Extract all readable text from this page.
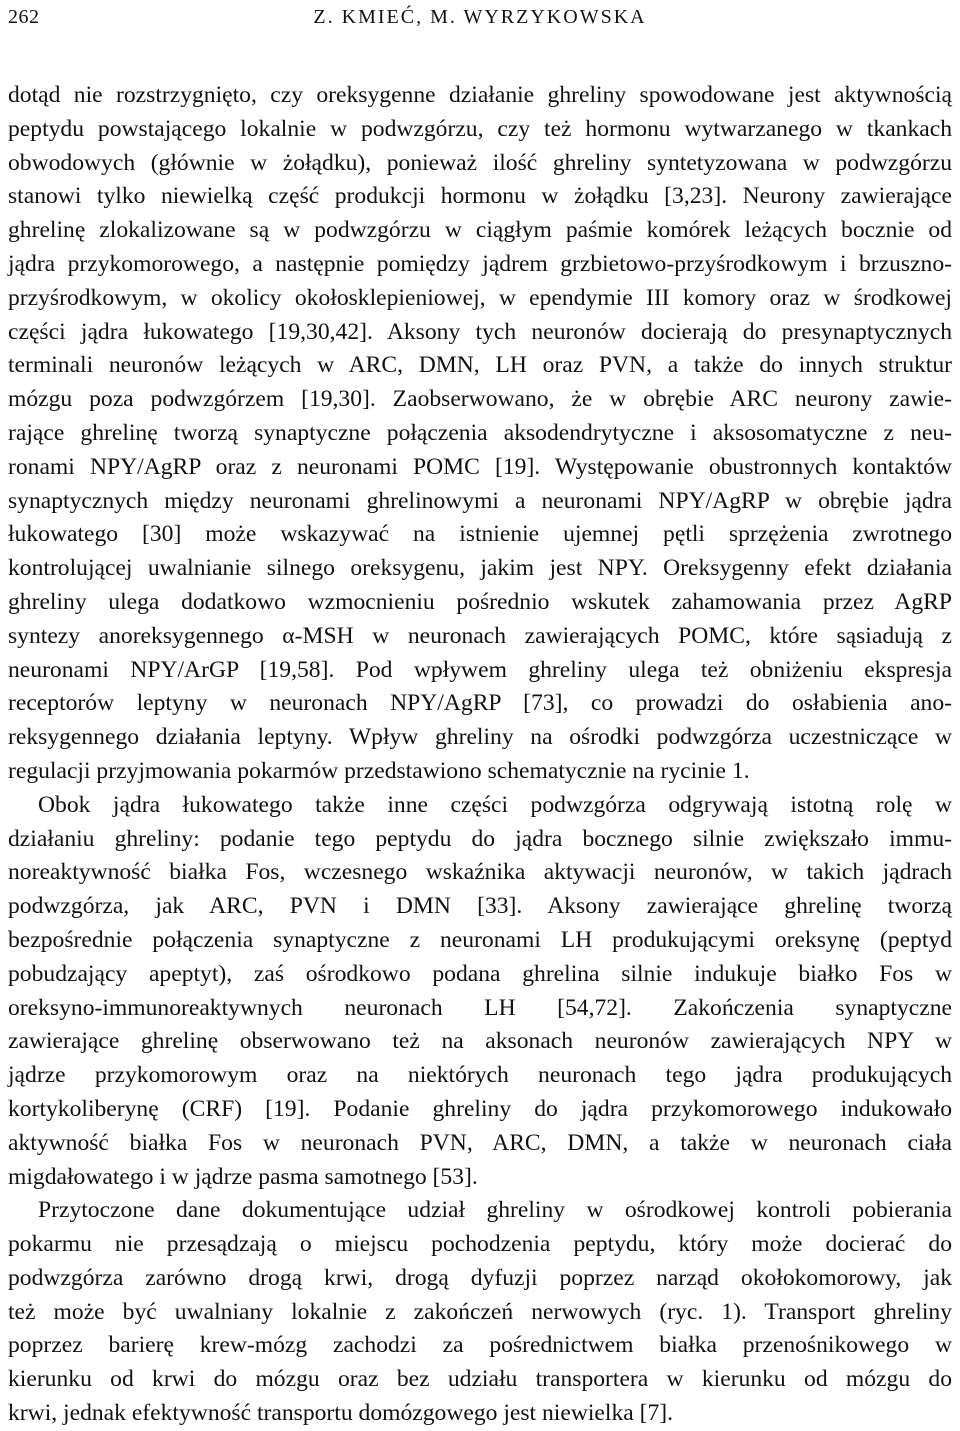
262	Z. KMIEĆ, M. WYRZYKOWSKA
dotąd nie rozstrzygnięto, czy oreksygenne działanie ghreliny spowodowane jest aktywnością
peptydu powstającego lokalnie w podwzgórzu, czy też hormonu wytwarzanego w tkankach
obwodowych (głównie w żołądku), ponieważ ilość ghreliny syntetyzowana w podwzgórzu
stanowi tylko niewielką część produkcji hormonu w żołądku [3,23]. Neurony zawierające
ghrelinę zlokalizowane są w podwzgórzu w ciągłym paśmie komórek leżących bocznie od
jądra przykomorowego, a następnie pomiędzy jądrem grzbietowo-przyśrodkowym i brzuszno-
przyśrodkowym, w okolicy okołosklepieniowej, w ependymie III komory oraz w środkowej
części jądra łukowatego [19,30,42]. Aksony tych neuronów docierają do presynaptycznych
terminali neuronów leżących w ARC, DMN, LH oraz PVN, a także do innych struktur
mózgu poza podwzgórzem [19,30]. Zaobserwowano, że w obrębie ARC neurony zawie-
rające ghrelinę tworzą synaptyczne połączenia aksodendrytyczne i aksosomatyczne z neu-
ronami NPY/AgRP oraz z neuronami POMC [19]. Występowanie obustronnych kontaktów
synaptycznych między neuronami ghrelinowymi a neuronami NPY/AgRP w obrębie jądra
łukowatego [30] może wskazywać na istnienie ujemnej pętli sprzężenia zwrotnego
kontrolującej uwalnianie silnego oreksygenu, jakim jest NPY. Oreksygenny efekt działania
ghreliny ulega dodatkowo wzmocnieniu pośrednio wskutek zahamowania przez AgRP
syntezy anoreksygennego α-MSH w neuronach zawierających POMC, które sąsiadują z
neuronami NPY/ArGP [19,58]. Pod wpływem ghreliny ulega też obniżeniu ekspresja
receptorów leptyny w neuronach NPY/AgRP [73], co prowadzi do osłabienia ano-
reksygennego działania leptyny. Wpływ ghreliny na ośrodki podwzgórza uczestniczące w
regulacji przyjmowania pokarmów przedstawiono schematycznie na rycinie 1.
Obok jądra łukowatego także inne części podwzgórza odgrywają istotną rolę w
działaniu ghreliny: podanie tego peptydu do jądra bocznego silnie zwiększało immu-
noreaktywność białka Fos, wczesnego wskaźnika aktywacji neuronów, w takich jądrach
podwzgórza, jak ARC, PVN i DMN [33]. Aksony zawierające ghrelinę tworzą
bezpośrednie połączenia synaptyczne z neuronami LH produkującymi oreksynę (peptyd
pobudzający apeptyt), zaś ośrodkowo podana ghrelina silnie indukuje białko Fos w
oreksyno-immunoreaktywnych neuronach LH [54,72]. Zakończenia synaptyczne
zawierające ghrelinę obserwowano też na aksonach neuronów zawierających NPY w
jądrze przykomorowym oraz na niektórych neuronach tego jądra produkujących
kortykoliberynę (CRF) [19]. Podanie ghreliny do jądra przykomorowego indukowało
aktywność białka Fos w neuronach PVN, ARC, DMN, a także w neuronach ciała
migdałowatego i w jądrze pasma samotnego [53].
Przytoczone dane dokumentujące udział ghreliny w ośrodkowej kontroli pobierania
pokarmu nie przesądzają o miejscu pochodzenia peptydu, który może docierać do
podwzgórza zarówno drogą krwi, drogą dyfuzji poprzez narząd okołokomorowy, jak
też może być uwalniany lokalnie z zakończeń nerwowych (ryc. 1). Transport ghreliny
poprzez barierę krew-mózg zachodzi za pośrednictwem białka przenośnikowego w
kierunku od krwi do mózgu oraz bez udziału transportera w kierunku od mózgu do
krwi, jednak efektywność transportu domózgowego jest niewielka [7].
